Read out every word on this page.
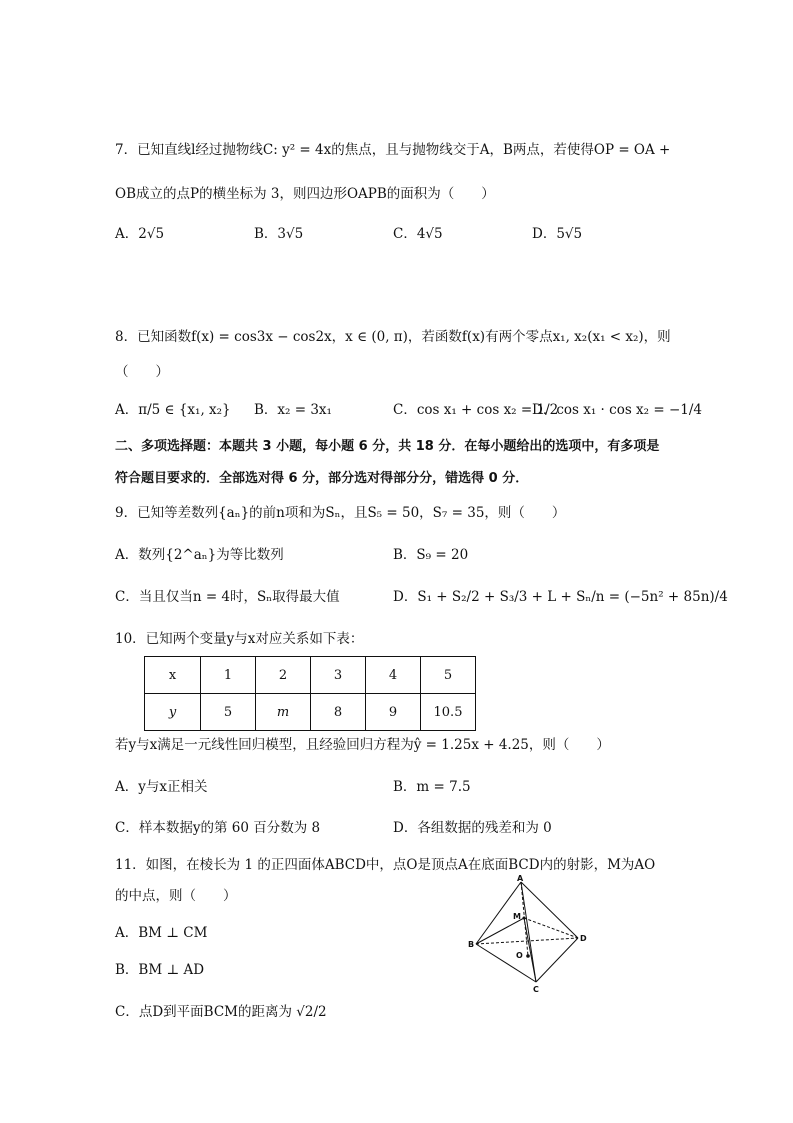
7．已知直线l经过抛物线C: y² = 4x的焦点，且与抛物线交于A，B两点，若使得OP = OA +
OB成立的点P的横坐标为 3，则四边形OAPB的面积为（　　）
A．2√5	B．3√5	C．4√5	D．5√5
8．已知函数f(x) = cos3x − cos2x，x ∈ (0, π)，若函数f(x)有两个零点x₁, x₂(x₁ < x₂)，则
（　　）
A．π/5 ∈ {x₁, x₂} B．x₂ = 3x₁	C．cos x₁ + cos x₂ = 1/2
D．cos x₁ · cos x₂ = −1/4
二、多项选择题：本题共 3 小题，每小题 6 分，共 18 分．在每小题给出的选项中，有多项是
符合题目要求的．全部选对得 6 分，部分选对得部分分，错选得 0 分．
9．已知等差数列{aₙ}的前n项和为Sₙ，且S₅ = 50，S₇ = 35，则（　　）
A．数列{2^aₙ}为等比数列	B．S₉ = 20
C．当且仅当n = 4时，Sₙ取得最大值	D．S₁ + S₂/2 + S₃/3 + L + Sₙ/n = (−5n² + 85n)/4
10．已知两个变量y与x对应关系如下表：
x	1	2	3	4	5
y	5	m	8	9	10.5
若y与x满足一元线性回归模型，且经验回归方程为ŷ = 1.25x + 4.25，则（　　）
A．y与x正相关	B．m = 7.5
C．样本数据y的第 60 百分数为 8	D．各组数据的残差和为 0
11．如图，在棱长为 1 的正四面体ABCD中，点O是顶点A在底面BCD内的射影，M为AO
的中点，则（　　）
A．BM ⊥ CM
B．BM ⊥ AD
C．点D到平面BCM的距离为 √2/2
A
B
C
D
M
O
